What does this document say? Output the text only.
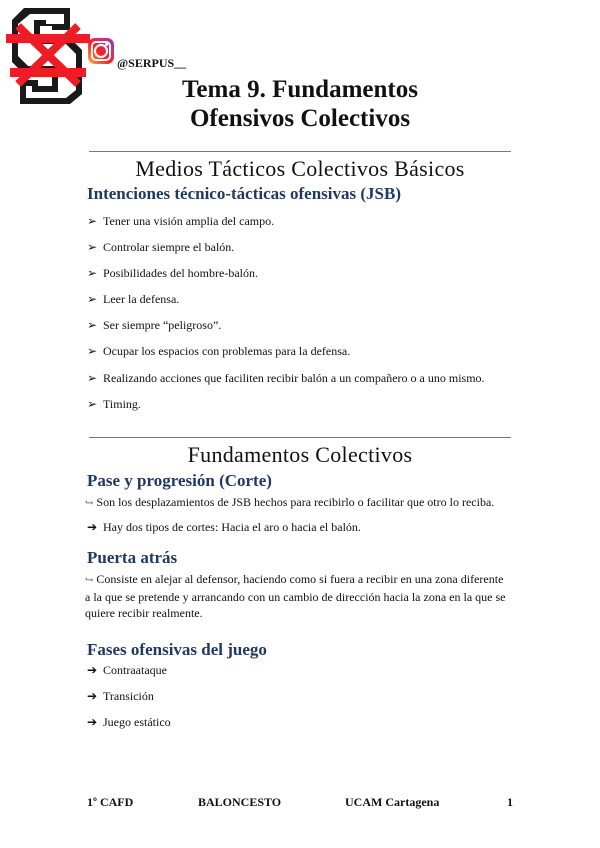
@SERPUS__
Tema 9. Fundamentos
Ofensivos Colectivos
Medios Tácticos Colectivos Básicos
Intenciones técnico-tácticas ofensivas (JSB)
➢ Tener una visión amplia del campo.
➢ Controlar siempre el balón.
➢ Posibilidades del hombre-balón.
➢ Leer la defensa.
➢ Ser siempre “peligroso”.
➢ Ocupar los espacios con problemas para la defensa.
➢ Realizando acciones que faciliten recibir balón a un compañero o a uno mismo.
➢ Timing.
Fundamentos Colectivos
Pase y progresión (Corte)
↪ Son los desplazamientos de JSB hechos para recibirlo o facilitar que otro lo reciba.
➔ Hay dos tipos de cortes: Hacia el aro o hacia el balón.
Puerta atrás
↪ Consiste en alejar al defensor, haciendo como si fuera a recibir en una zona diferente
a la que se pretende y arrancando con un cambio de dirección hacia la zona en la que se
quiere recibir realmente.
Fases ofensivas del juego
➔ Contraataque
➔ Transición
➔ Juego estático
1º CAFD	BALONCESTO	UCAM Cartagena	1
